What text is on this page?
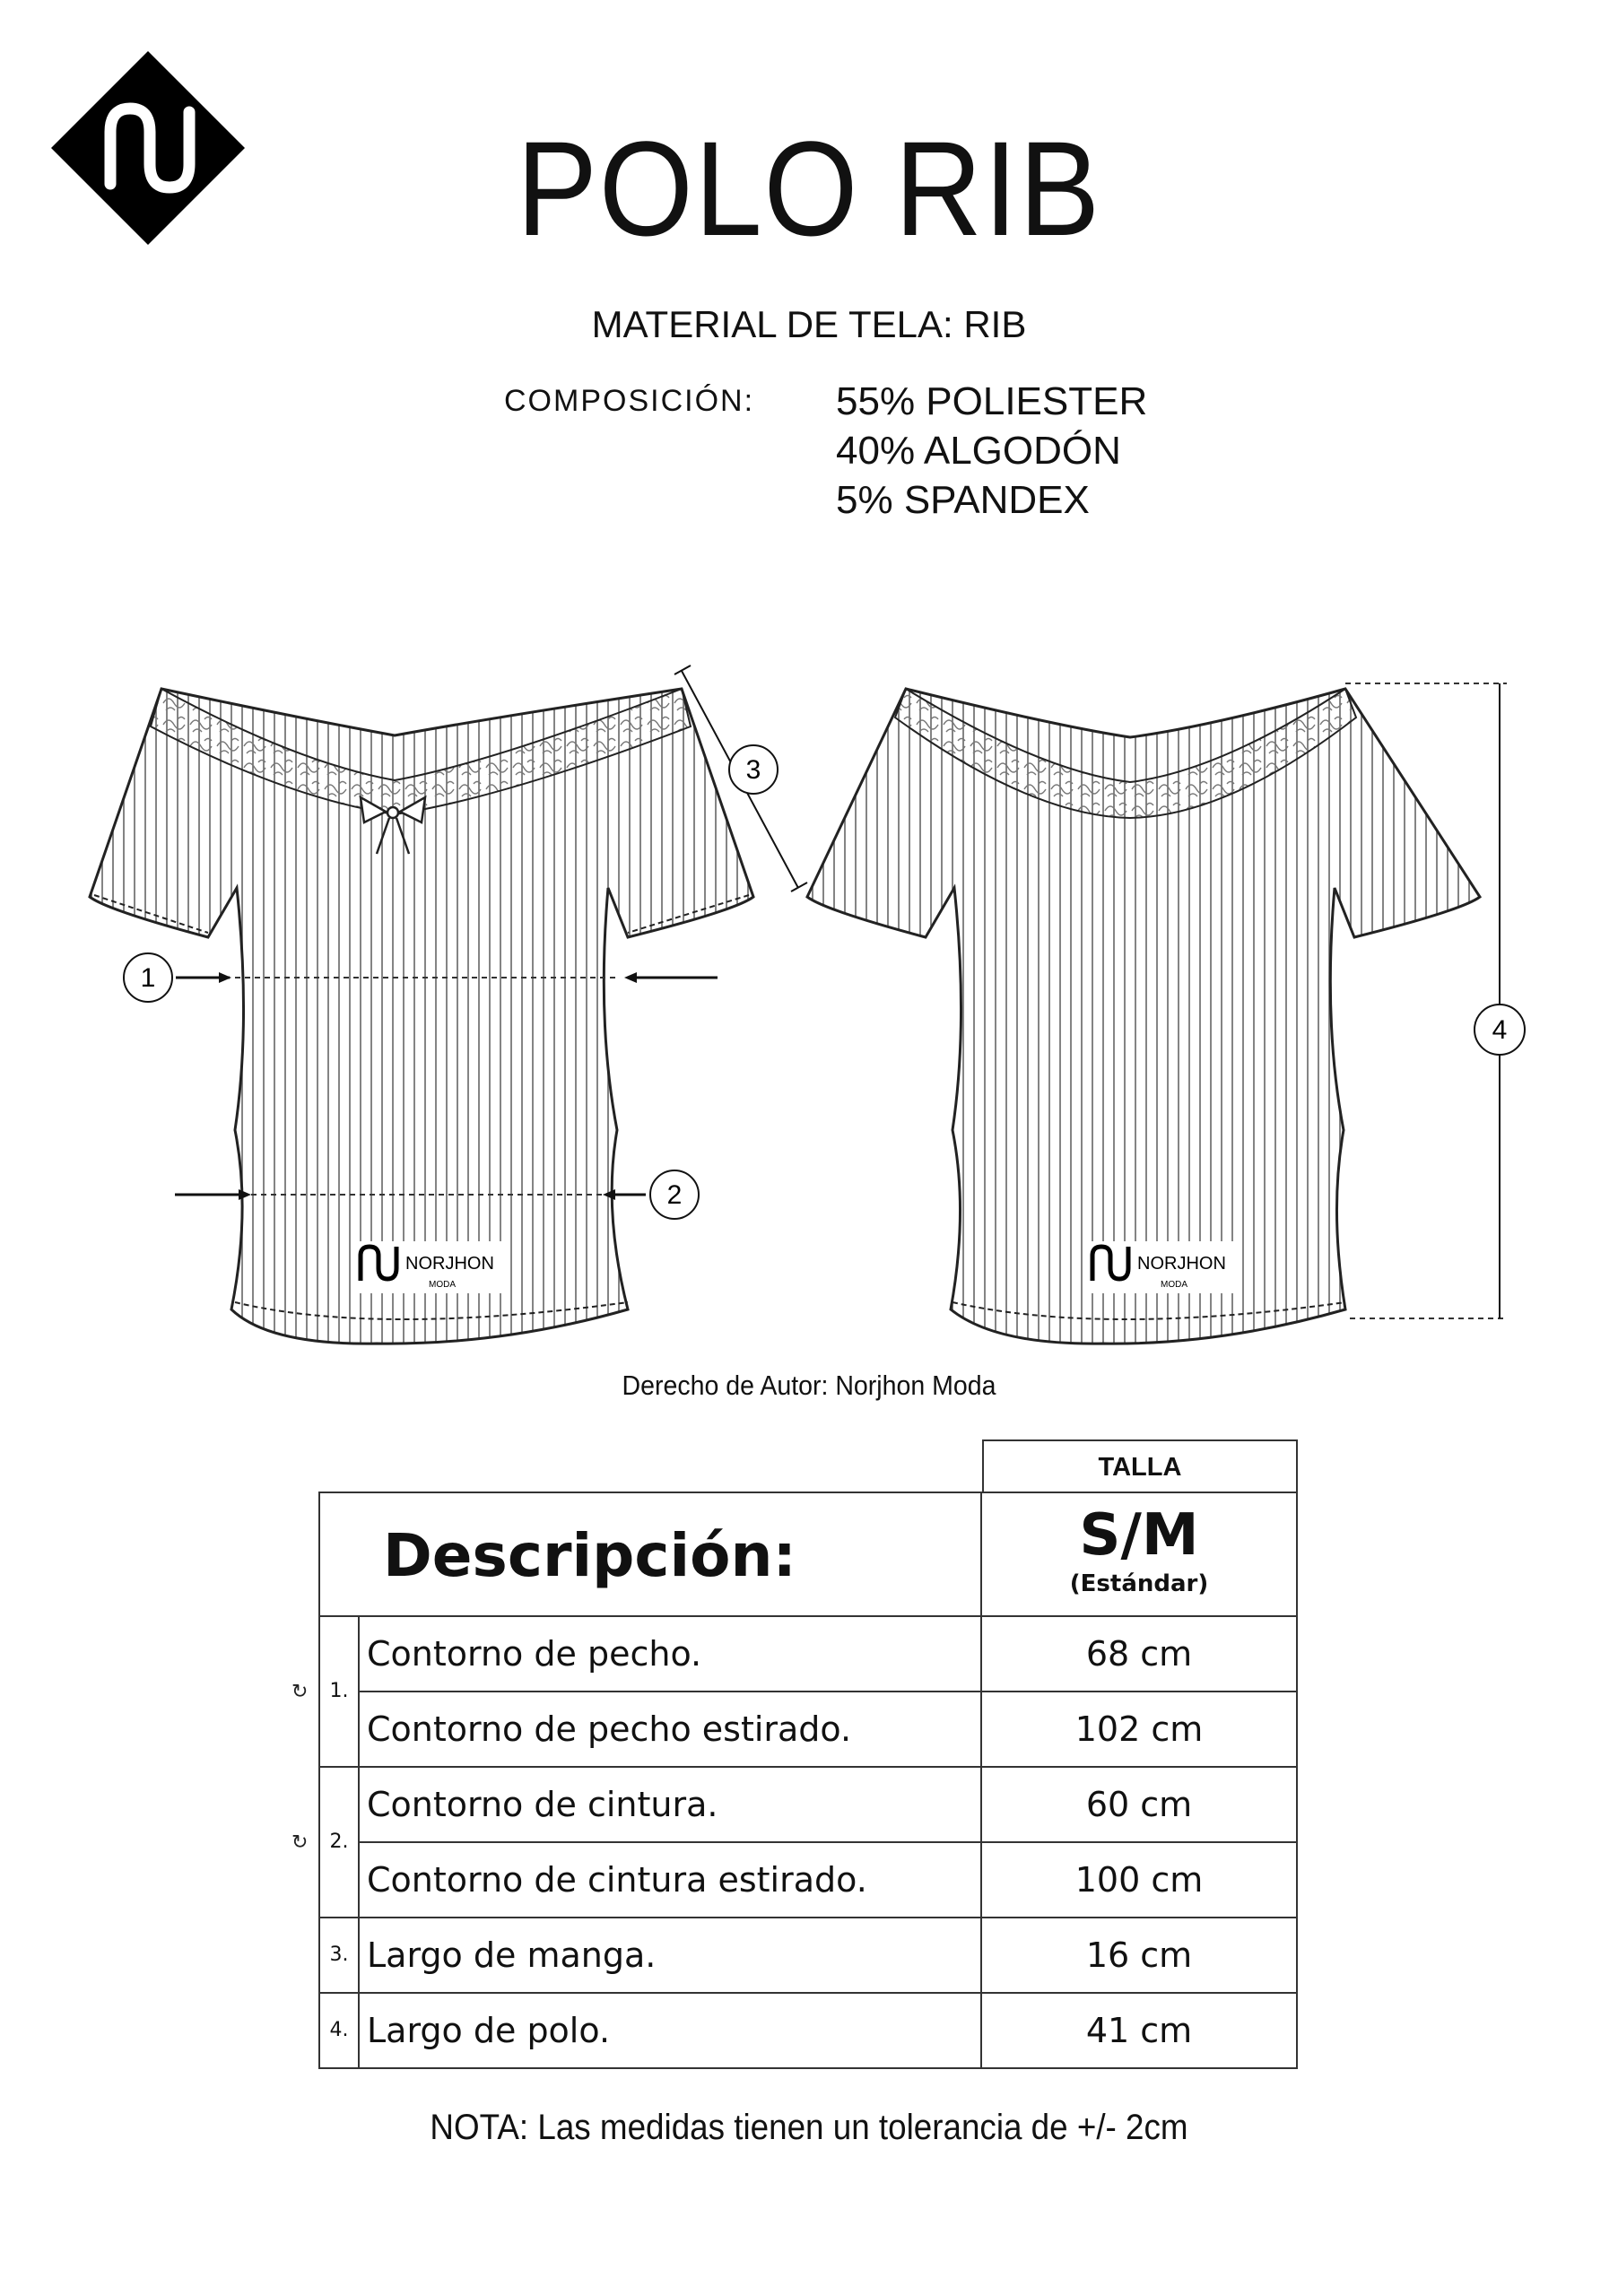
POLO RIB
MATERIAL DE TELA: RIB
COMPOSICIÓN: 55% POLIESTER
40% ALGODÓN
5% SPANDEX
1
2
3
4
NORJHON
MODA
NORJHON
MODA
Derecho de Autor: Norjhon Moda
TALLA
Descripción:	S/M
(Estándar)
1.
↻
Contorno de pecho.	68 cm
Contorno de pecho estirado.	102 cm
2.
↻
Contorno de cintura.	60 cm
Contorno de cintura estirado.	100 cm
3. Largo de manga.	16 cm
4. Largo de polo.	41 cm
NOTA: Las medidas tienen un tolerancia de +/- 2cm
